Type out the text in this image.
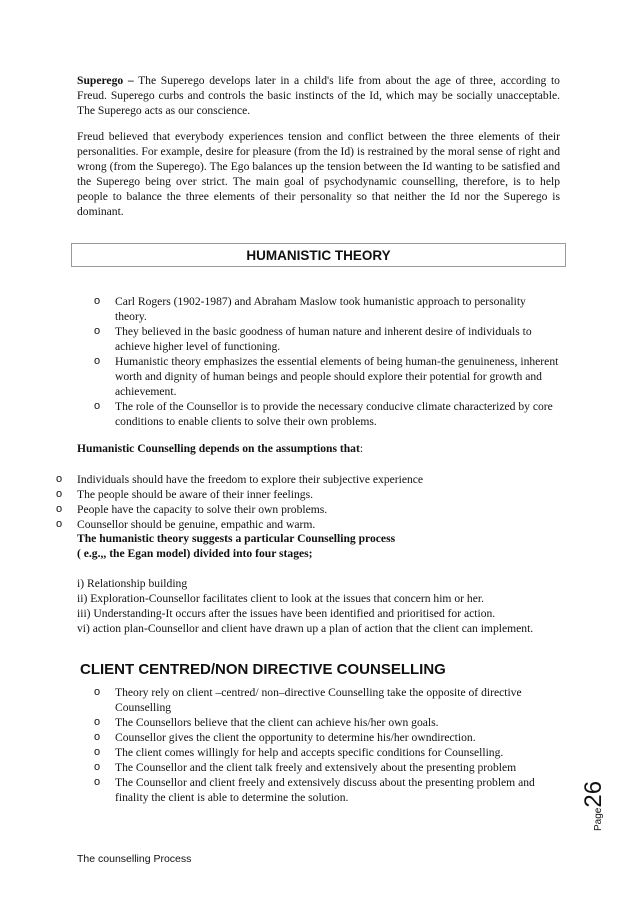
Superego – The Superego develops later in a child's life from about the age of three, according to Freud. Superego curbs and controls the basic instincts of the Id, which may be socially unacceptable. The Superego acts as our conscience.

Freud believed that everybody experiences tension and conflict between the three elements of their personalities. For example, desire for pleasure (from the Id) is restrained by the moral sense of right and wrong (from the Superego). The Ego balances up the tension between the Id wanting to be satisfied and the Superego being over strict. The main goal of psychodynamic counselling, therefore, is to help people to balance the three elements of their personality so that neither the Id nor the Superego is dominant.

HUMANISTIC THEORY
o Carl Rogers (1902-1987) and Abraham Maslow took humanistic approach to personality theory.
o They believed in the basic goodness of human nature and inherent desire of individuals to achieve higher level of functioning.
o Humanistic theory emphasizes the essential elements of being human-the genuineness, inherent worth and dignity of human beings and people should explore their potential for growth and achievement.
o The role of the Counsellor is to provide the necessary conducive climate characterized by core conditions to enable clients to solve their own problems.

Humanistic Counselling depends on the assumptions that:

o Individuals should have the freedom to explore their subjective experience
o The people should be aware of their inner feelings.
o People have the capacity to solve their own problems.
o Counsellor should be genuine, empathic and warm.
The humanistic theory suggests a particular Counselling process
( e.g.,, the Egan model) divided into four stages;
i) Relationship building
ii) Exploration-Counsellor facilitates client to look at the issues that concern him or her.
iii) Understanding-It occurs after the issues have been identified and prioritised for action.
vi) action plan-Counsellor and client have drawn up a plan of action that the client can implement.
CLIENT CENTRED/NON DIRECTIVE COUNSELLING
o Theory rely on client –centred/ non–directive Counselling take the opposite of directive Counselling
o The Counsellors believe that the client can achieve his/her own goals.
o Counsellor gives the client the opportunity to determine his/her owndirection.
o The client comes willingly for help and accepts specific conditions for Counselling.
o The Counsellor and the client talk freely and extensively about the presenting problem
o The Counsellor and client freely and extensively discuss about the presenting problem and finality the client is able to determine the solution.
Page26
The counselling Process
